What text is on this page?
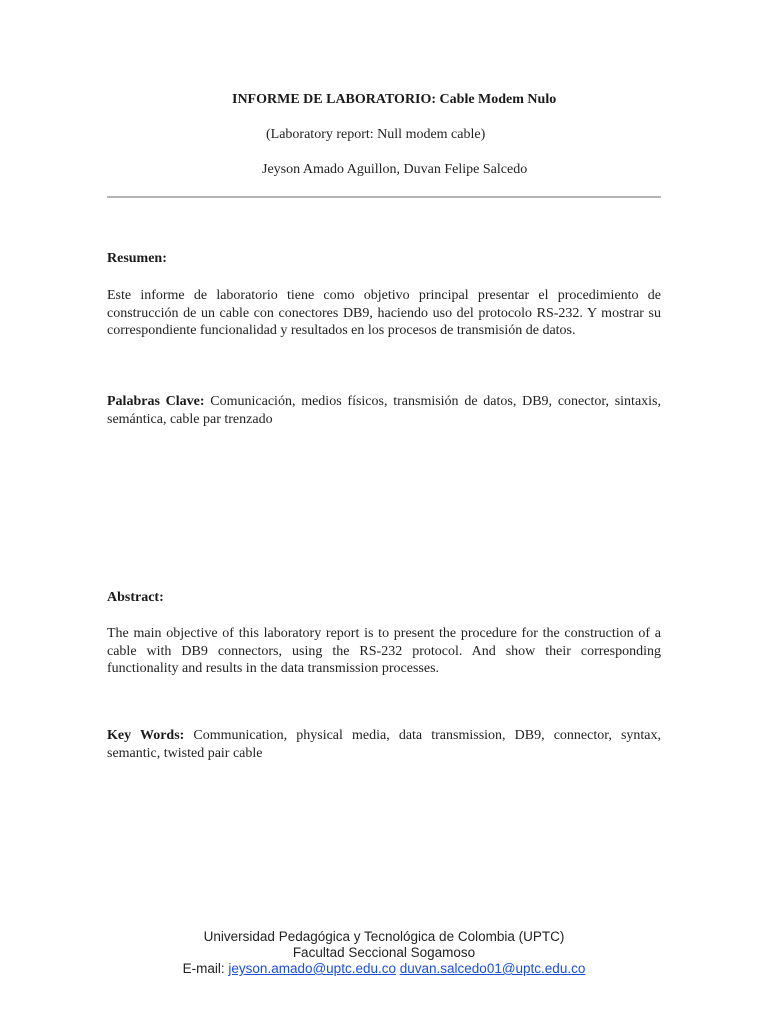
INFORME DE LABORATORIO: Cable Modem Nulo
(Laboratory report: Null modem cable)
Jeyson Amado Aguillon, Duvan Felipe Salcedo
Resumen:
Este informe de laboratorio tiene como objetivo principal presentar el procedimiento de construcción de un cable con conectores DB9, haciendo uso del protocolo RS-232. Y mostrar su correspondiente funcionalidad y resultados en los procesos de transmisión de datos.
Palabras Clave: Comunicación, medios físicos, transmisión de datos, DB9, conector, sintaxis, semántica, cable par trenzado
Abstract:
The main objective of this laboratory report is to present the procedure for the construction of a cable with DB9 connectors, using the RS-232 protocol. And show their corresponding functionality and results in the data transmission processes.
Key Words: Communication, physical media, data transmission, DB9, connector, syntax, semantic, twisted pair cable
Universidad Pedagógica y Tecnológica de Colombia (UPTC)
Facultad Seccional Sogamoso
E-mail: jeyson.amado@uptc.edu.co duvan.salcedo01@uptc.edu.co
